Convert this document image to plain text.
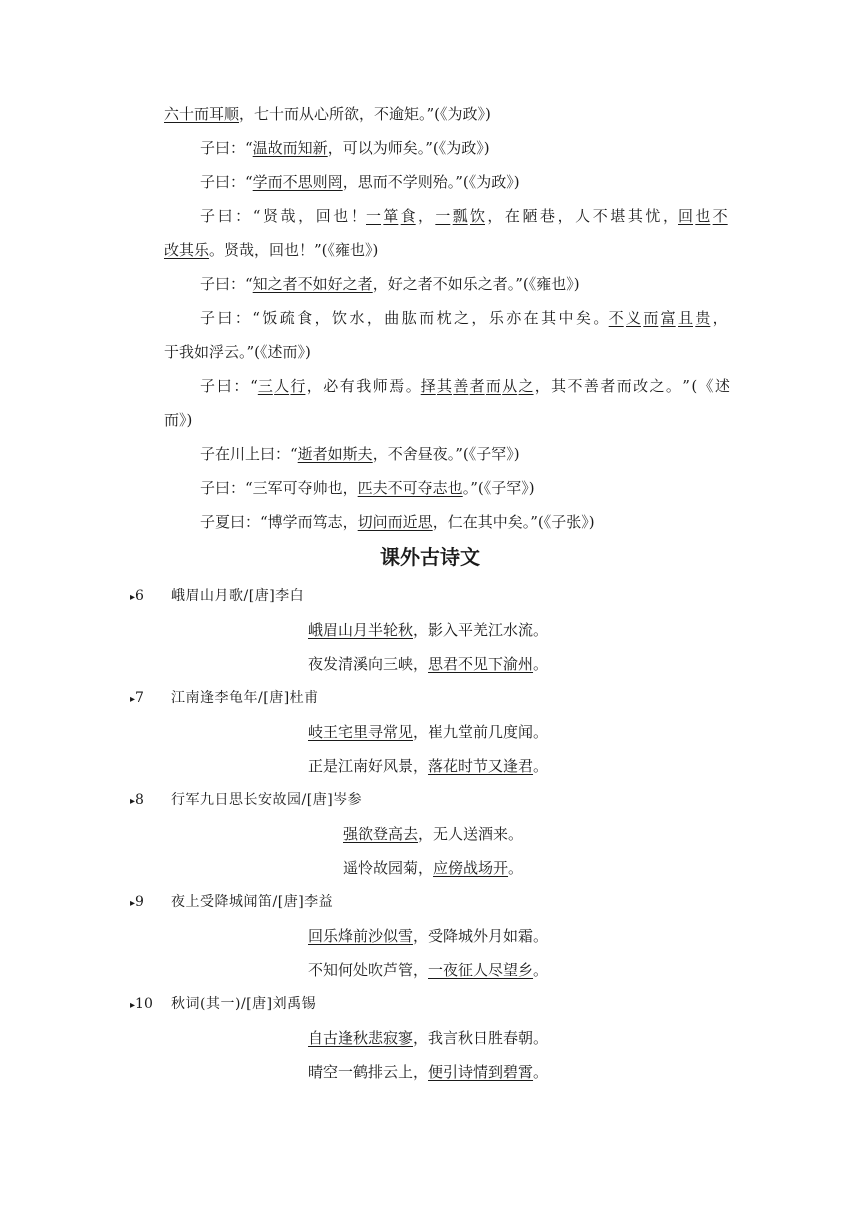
六十而耳顺，七十而从心所欲，不逾矩。”(《为政》)
子曰：“温故而知新，可以为师矣。”(《为政》)
子曰：“学而不思则罔，思而不学则殆。”(《为政》)
子 曰 ： “ 贤 哉 ， 回 也 ！ 一 箪 食 ， 一 瓢 饮 ， 在 陋 巷 ， 人 不 堪 其 忧 ， 回 也 不
改其乐。贤哉，回也！”(《雍也》)
子曰：“知之者不如好之者，好之者不如乐之者。”(《雍也》)
子 曰 ： “ 饭 疏 食 ， 饮 水 ， 曲 肱 而 枕 之 ， 乐 亦 在 其 中 矣 。 不 义 而 富 且 贵 ，
于我如浮云。”(《述而》)
子 曰 ： “ 三 人 行 ， 必 有 我 师 焉 。 择 其 善 者 而 从 之 ， 其 不 善 者 而 改 之 。 ” ( 《 述
而》)
子在川上曰：“逝者如斯夫，不舍昼夜。”(《子罕》)
子曰：“三军可夺帅也，匹夫不可夺志也。”(《子罕》)
子夏曰：“博学而笃志，切问而近思，仁在其中矣。”(《子张》)
课外古诗文
▸6 峨眉山月歌/[唐]李白
峨眉山月半轮秋，影入平羌江水流。
夜发清溪向三峡，思君不见下渝州。
▸7 江南逢李龟年/[唐]杜甫
岐王宅里寻常见，崔九堂前几度闻。
正是江南好风景，落花时节又逢君。
▸8 行军九日思长安故园/[唐]岑参
强欲登高去，无人送酒来。
遥怜故园菊，应傍战场开。
▸9 夜上受降城闻笛/[唐]李益
回乐烽前沙似雪，受降城外月如霜。
不知何处吹芦管，一夜征人尽望乡。
▸10 秋词(其一)/[唐]刘禹锡
自古逢秋悲寂寥，我言秋日胜春朝。
晴空一鹤排云上，便引诗情到碧霄。
